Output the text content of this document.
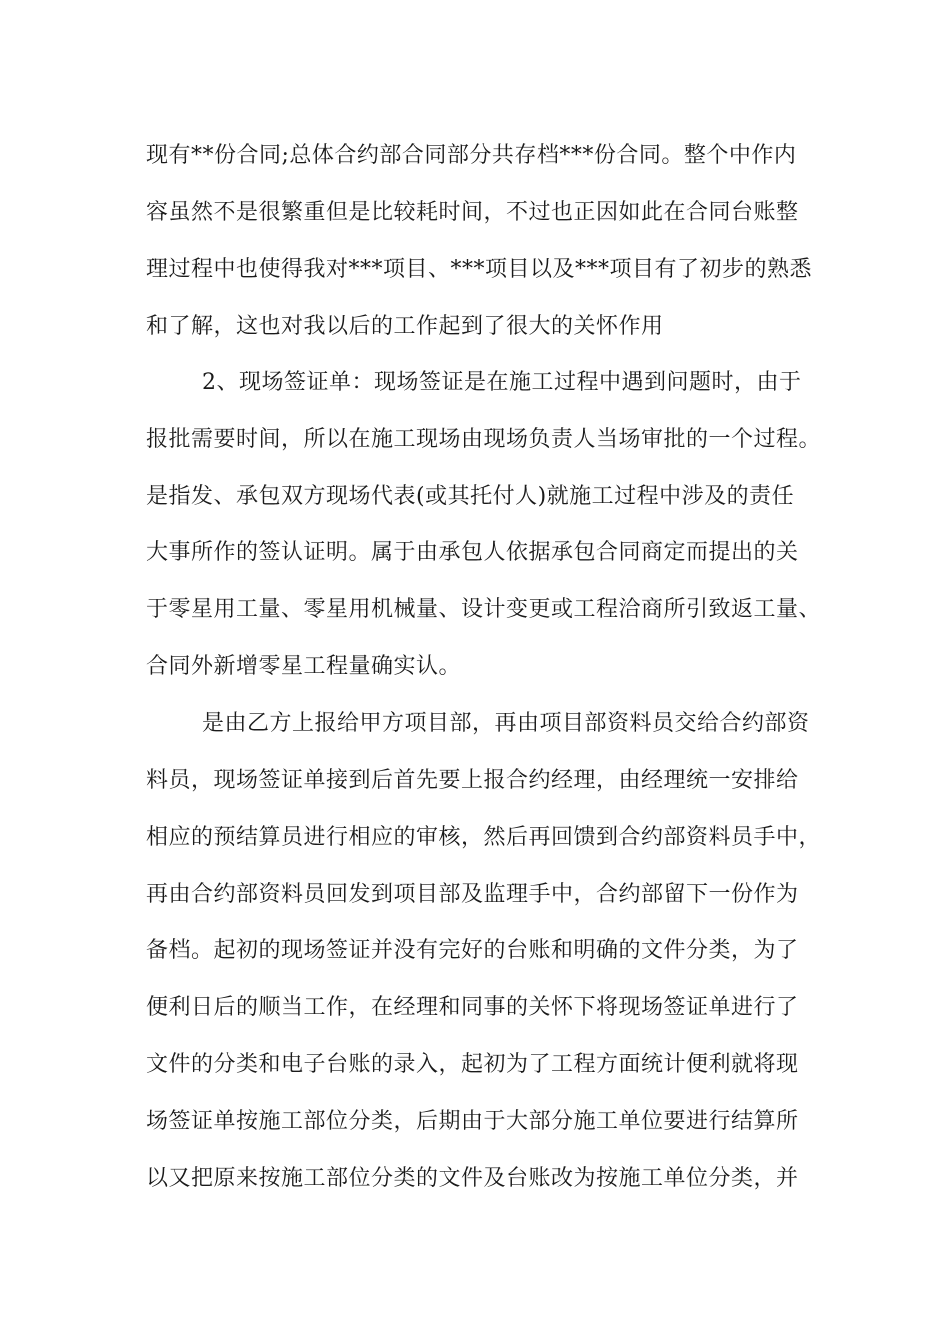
现有**份合同;总体合约部合同部分共存档***份合同。整个中作内
容虽然不是很繁重但是比较耗时间，不过也正因如此在合同台账整
理过程中也使得我对***项目、***项目以及***项目有了初步的熟悉
和了解，这也对我以后的工作起到了很大的关怀作用
2、现场签证单：现场签证是在施工过程中遇到问题时，由于
报批需要时间，所以在施工现场由现场负责人当场审批的一个过程。
是指发、承包双方现场代表(或其托付人)就施工过程中涉及的责任
大事所作的签认证明。属于由承包人依据承包合同商定而提出的关
于零星用工量、零星用机械量、设计变更或工程洽商所引致返工量、
合同外新增零星工程量确实认。
是由乙方上报给甲方项目部，再由项目部资料员交给合约部资
料员，现场签证单接到后首先要上报合约经理，由经理统一安排给
相应的预结算员进行相应的审核，然后再回馈到合约部资料员手中，
再由合约部资料员回发到项目部及监理手中，合约部留下一份作为
备档。起初的现场签证并没有完好的台账和明确的文件分类，为了
便利日后的顺当工作，在经理和同事的关怀下将现场签证单进行了
文件的分类和电子台账的录入，起初为了工程方面统计便利就将现
场签证单按施工部位分类，后期由于大部分施工单位要进行结算所
以又把原来按施工部位分类的文件及台账改为按施工单位分类，并
